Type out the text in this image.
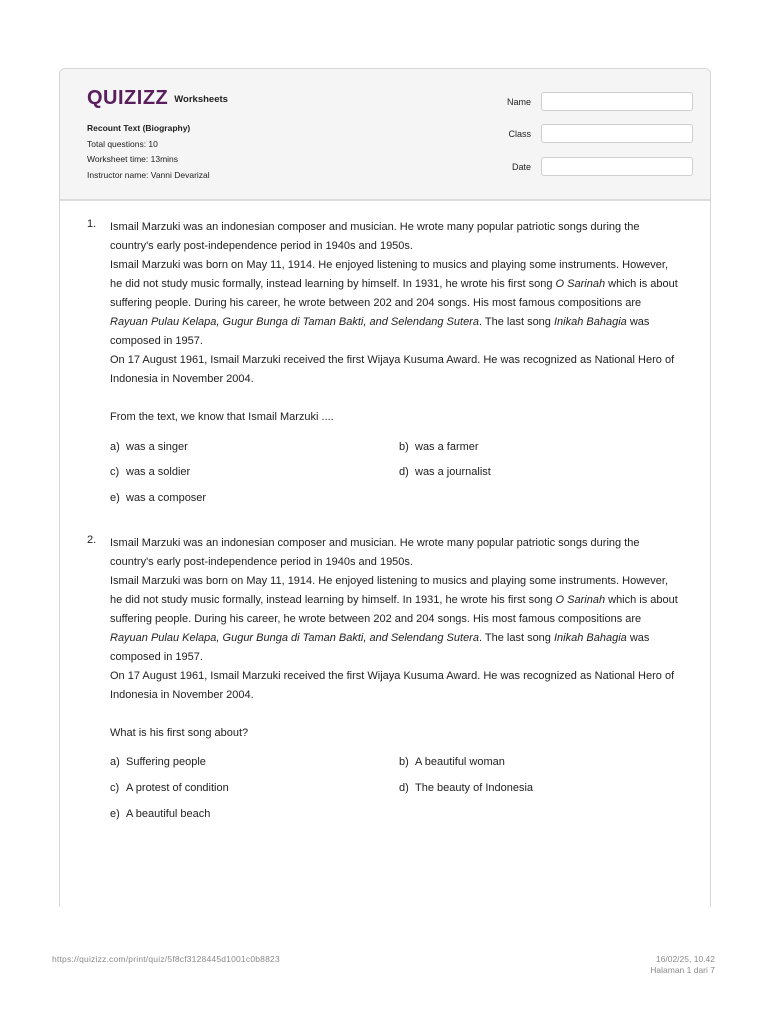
QUIZIZZ Worksheets
Recount Text (Biography)
Total questions: 10
Worksheet time: 13mins
Instructor name: Vanni Devarizal
Name
Class
Date
1. Ismail Marzuki was an indonesian composer and musician. He wrote many popular patriotic songs during the country's early post-independence period in 1940s and 1950s.

Ismail Marzuki was born on May 11, 1914. He enjoyed listening to musics and playing some instruments. However, he did not study music formally, instead learning by himself. In 1931, he wrote his first song O Sarinah which is about suffering people. During his career, he wrote between 202 and 204 songs. His most famous compositions are Rayuan Pulau Kelapa, Gugur Bunga di Taman Bakti, and Selendang Sutera. The last song Inikah Bahagia was composed in 1957.

On 17 August 1961, Ismail Marzuki received the first Wijaya Kusuma Award. He was recognized as National Hero of Indonesia in November 2004.

From the text, we know that Ismail Marzuki ....

a) was a singer	b) was a farmer
c) was a soldier	d) was a journalist
e) was a composer
2. Ismail Marzuki was an indonesian composer and musician. He wrote many popular patriotic songs during the country's early post-independence period in 1940s and 1950s.

Ismail Marzuki was born on May 11, 1914. He enjoyed listening to musics and playing some instruments. However, he did not study music formally, instead learning by himself. In 1931, he wrote his first song O Sarinah which is about suffering people. During his career, he wrote between 202 and 204 songs. His most famous compositions are Rayuan Pulau Kelapa, Gugur Bunga di Taman Bakti, and Selendang Sutera. The last song Inikah Bahagia was composed in 1957.

On 17 August 1961, Ismail Marzuki received the first Wijaya Kusuma Award. He was recognized as National Hero of Indonesia in November 2004.

What is his first song about?

a) Suffering people	b) A beautiful woman
c) A protest of condition	d) The beauty of Indonesia
e) A beautiful beach
https://quizizz.com/print/quiz/5f8cf3128445d1001c0b8823	16/02/25, 10.42
Halaman 1 dari 7
